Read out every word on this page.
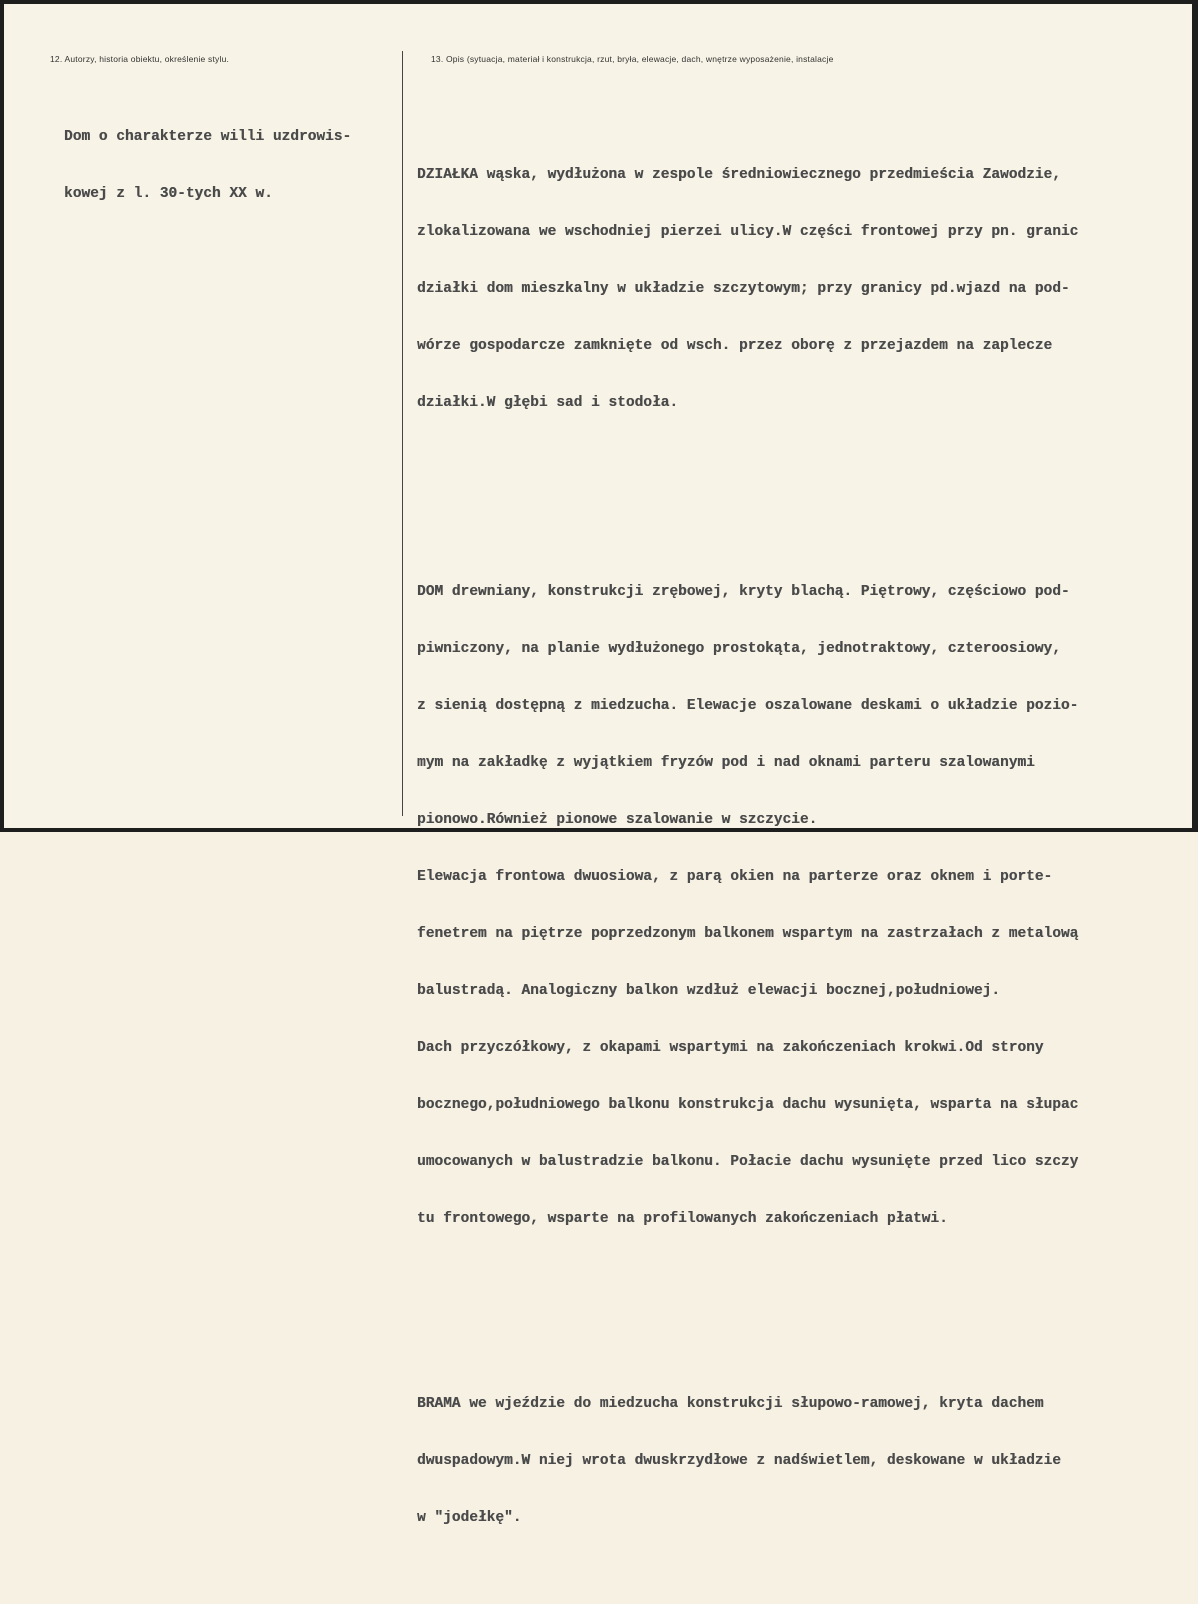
12. Autorzy, historia obiektu, określenie stylu.	13. Opis (sytuacja, materiał i konstrukcja, rzut, bryła, elewacje, dach, wnętrze wyposażenie, instalacje

Dom o charakterze willi uzdrowis-

kowej z l. 30-tych XX w.

DZIAŁKA wąska, wydłużona w zespole średniowiecznego przedmieścia Zawodzie,

zlokalizowana we wschodniej pierzei ulicy.W części frontowej przy pn. granic

działki dom mieszkalny w układzie szczytowym; przy granicy pd.wjazd na pod-

wórze gospodarcze zamknięte od wsch. przez oborę z przejazdem na zaplecze

działki.W głębi sad i stodoła.

DOM drewniany, konstrukcji zrębowej, kryty blachą. Piętrowy, częściowo pod-

piwniczony, na planie wydłużonego prostokąta, jednotraktowy, czterоosiowy,

z sienią dostępną z miedzucha. Elewacje oszalowane deskami o układzie pozio-

mym na zakładkę z wyjątkiem fryzów pod i nad oknami parteru szalowanymi

pionowo.Również pionowe szalowanie w szczycie.

Elewacja frontowa dwuosiowa, z parą okien na parterze oraz oknem i porte-

fenetrem na piętrze poprzedzonym balkonem wspartym na zastrzałach z metalową

balustradą. Analogiczny balkon wzdłuż elewacji bocznej,południowej.

Dach przyczółkowy, z okapami wspartymi na zakończeniach krokwi.Od strony

bocznego,południowego balkonu konstrukcja dachu wysunięta, wsparta na słupac

umocowanych w balustradzie balkonu. Połacie dachu wysunięte przed lico szczy

tu frontowego, wsparte na profilowanych zakończeniach płatwi.

BRAMA we wjeździe do miedzucha konstrukcji słupowo-ramowej, kryta dachem

dwuspadowym.W niej wrota dwuskrzydłowe z nadświetlem, deskowane w układzie

w "jodełkę".
